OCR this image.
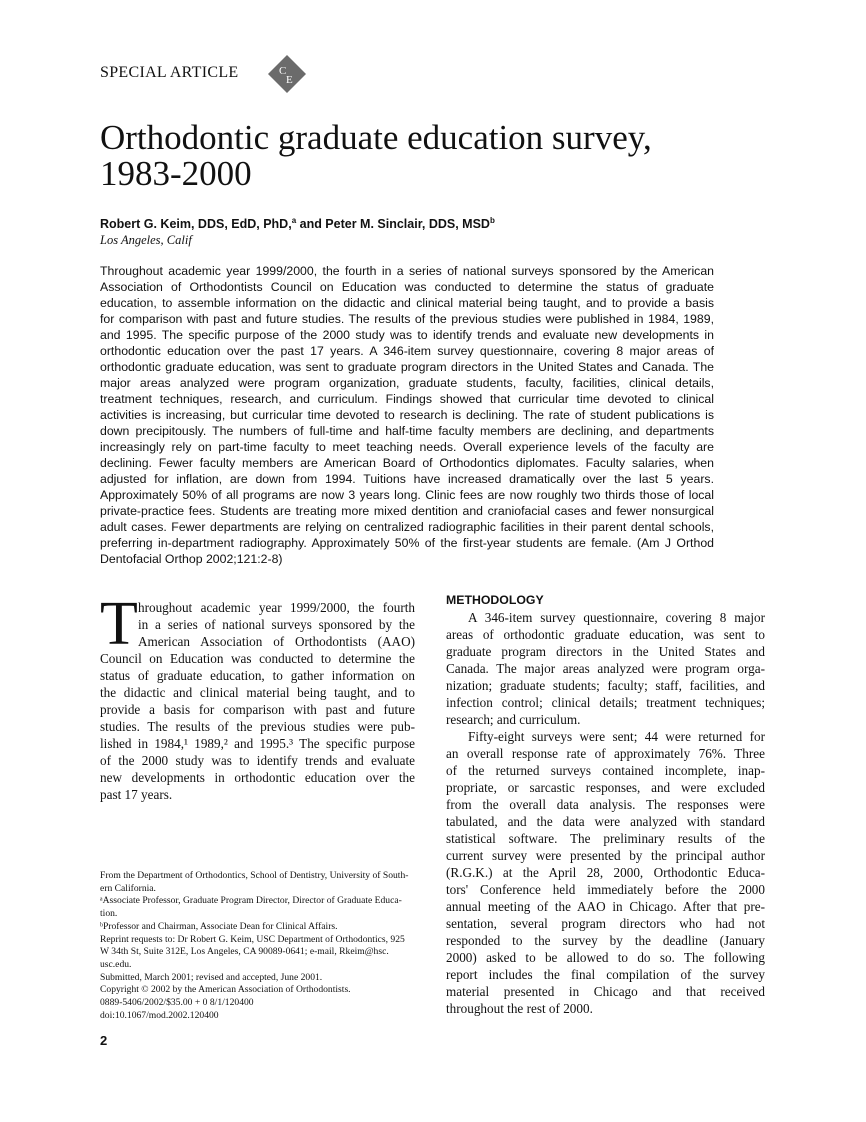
SPECIAL ARTICLE	C
E
Orthodontic graduate education survey,
1983-2000
Robert G. Keim, DDS, EdD, PhD,$^a$ and Peter M. Sinclair, DDS, MSD$^b$
Los Angeles, Calif
Throughout academic year 1999/2000, the fourth in a series of national surveys sponsored by the American
Association of Orthodontists Council on Education was conducted to determine the status of graduate
education, to assemble information on the didactic and clinical material being taught, and to provide a basis
for comparison with past and future studies. The results of the previous studies were published in 1984, 1989,
and 1995. The specific purpose of the 2000 study was to identify trends and evaluate new developments in
orthodontic education over the past 17 years. A 346-item survey questionnaire, covering 8 major areas of
orthodontic graduate education, was sent to graduate program directors in the United States and Canada. The
major areas analyzed were program organization, graduate students, faculty, facilities, clinical details,
treatment techniques, research, and curriculum. Findings showed that curricular time devoted to clinical
activities is increasing, but curricular time devoted to research is declining. The rate of student publications is
down precipitously. The numbers of full-time and half-time faculty members are declining, and departments
increasingly rely on part-time faculty to meet teaching needs. Overall experience levels of the faculty are
declining. Fewer faculty members are American Board of Orthodontics diplomates. Faculty salaries, when
adjusted for inflation, are down from 1994. Tuitions have increased dramatically over the last 5 years.
Approximately 50% of all programs are now 3 years long. Clinic fees are now roughly two thirds those of local
private-practice fees. Students are treating more mixed dentition and craniofacial cases and fewer nonsurgical
adult cases. Fewer departments are relying on centralized radiographic facilities in their parent dental schools,
preferring in-department radiography. Approximately 50% of the first-year students are female. (Am J Orthod
Dentofacial Orthop 2002;121:2-8)
T hroughout academic year 1999/2000, the fourth
in a series of national surveys sponsored by the
American Association of Orthodontists (AAO)
Council on Education was conducted to determine the
status of graduate education, to gather information on
the didactic and clinical material being taught, and to
provide a basis for comparison with past and future
studies. The results of the previous studies were pub-
lished in 1984,¹ 1989,² and 1995.³ The specific purpose
of the 2000 study was to identify trends and evaluate
new developments in orthodontic education over the
past 17 years.
METHODOLOGY
A 346-item survey questionnaire, covering 8 major
areas of orthodontic graduate education, was sent to
graduate program directors in the United States and
Canada. The major areas analyzed were program orga-
nization; graduate students; faculty; staff, facilities, and
infection control; clinical details; treatment techniques;
research; and curriculum.
Fifty-eight surveys were sent; 44 were returned for
an overall response rate of approximately 76%. Three
of the returned surveys contained incomplete, inap-
propriate, or sarcastic responses, and were excluded
from the overall data analysis. The responses were
tabulated, and the data were analyzed with standard
statistical software. The preliminary results of the
current survey were presented by the principal author
(R.G.K.) at the April 28, 2000, Orthodontic Educa-
tors' Conference held immediately before the 2000
annual meeting of the AAO in Chicago. After that pre-
sentation, several program directors who had not
responded to the survey by the deadline (January
2000) asked to be allowed to do so. The following
report includes the final compilation of the survey
material presented in Chicago and that received
throughout the rest of 2000.
From the Department of Orthodontics, School of Dentistry, University of South-
ern California.
ᵃAssociate Professor, Graduate Program Director, Director of Graduate Educa-
tion.
ᵇProfessor and Chairman, Associate Dean for Clinical Affairs.
Reprint requests to: Dr Robert G. Keim, USC Department of Orthodontics, 925
W 34th St, Suite 312E, Los Angeles, CA 90089-0641; e-mail, Rkeim@hsc.
usc.edu.
Submitted, March 2001; revised and accepted, June 2001.
Copyright © 2002 by the American Association of Orthodontists.
0889-5406/2002/$35.00 + 0 8/1/120400
doi:10.1067/mod.2002.120400
2
